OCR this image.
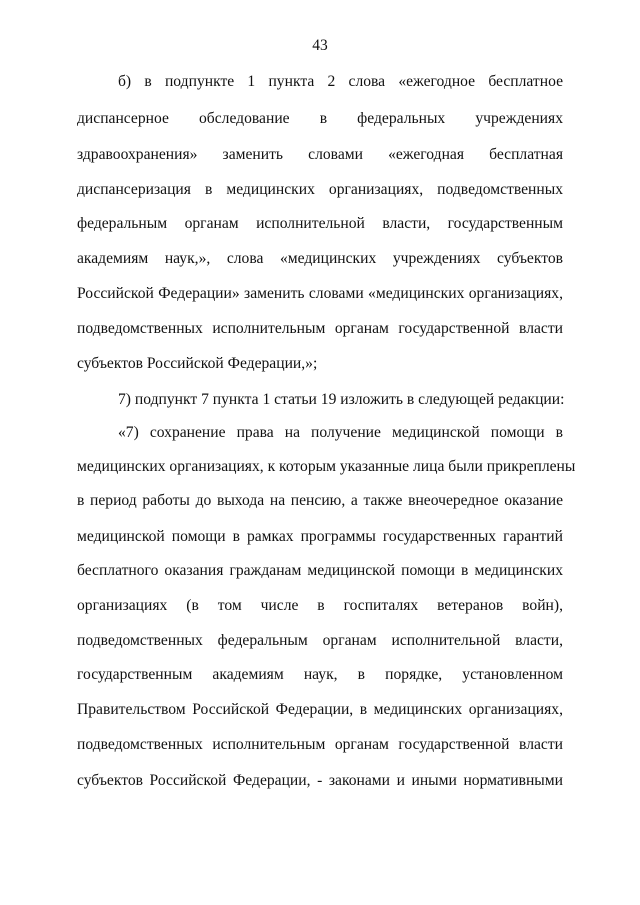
43
б) в подпункте 1 пункта 2 слова «ежегодное бесплатное
диспансерное обследование в федеральных учреждениях
здравоохранения» заменить словами «ежегодная бесплатная
диспансеризация в медицинских организациях, подведомственных
федеральным органам исполнительной власти, государственным
академиям наук,», слова «медицинских учреждениях субъектов
Российской Федерации» заменить словами «медицинских организациях,
подведомственных исполнительным органам государственной власти
субъектов Российской Федерации,»;
7) подпункт 7 пункта 1 статьи 19 изложить в следующей редакции:
«7) сохранение права на получение медицинской помощи в
медицинских организациях, к которым указанные лица были прикреплены
в период работы до выхода на пенсию, а также внеочередное оказание
медицинской помощи в рамках программы государственных гарантий
бесплатного оказания гражданам медицинской помощи в медицинских
организациях (в том числе в госпиталях ветеранов войн),
подведомственных федеральным органам исполнительной власти,
государственным академиям наук, в порядке, установленном
Правительством Российской Федерации, в медицинских организациях,
подведомственных исполнительным органам государственной власти
субъектов Российской Федерации, - законами и иными нормативными
